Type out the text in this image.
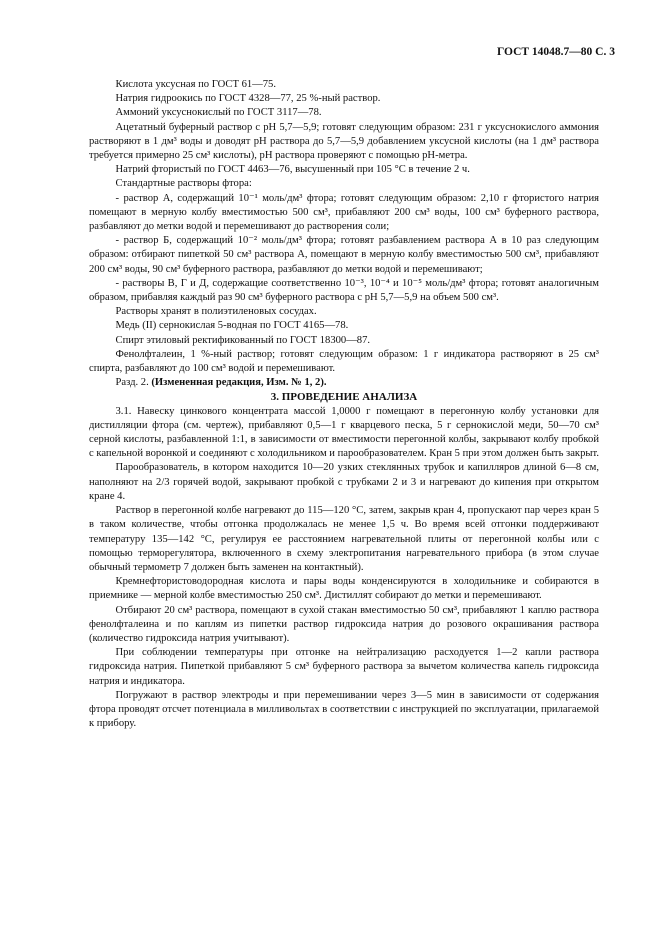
ГОСТ 14048.7—80 С. 3

Кислота уксусная по ГОСТ 61—75.

Натрия гидроокись по ГОСТ 4328—77, 25 %-ный раствор.

Аммоний уксуснокислый по ГОСТ 3117—78.

Ацетатный буферный раствор с рН 5,7—5,9; готовят следующим образом: 231 г уксуснокислого аммония растворяют в 1 дм³ воды и доводят рН раствора до 5,7—5,9 добавлением уксусной кислоты (на 1 дм³ раствора требуется примерно 25 см³ кислоты), рН раствора проверяют с помощью рН-метра.

Натрий фтористый по ГОСТ 4463—76, высушенный при 105 °С в течение 2 ч.

Стандартные растворы фтора:

- раствор А, содержащий 10⁻¹ моль/дм³ фтора; готовят следующим образом: 2,10 г фтористого натрия помещают в мерную колбу вместимостью 500 см³, прибавляют 200 см³ воды, 100 см³ буферного раствора, разбавляют до метки водой и перемешивают до растворения соли;

- раствор Б, содержащий 10⁻² моль/дм³ фтора; готовят разбавлением раствора А в 10 раз следующим образом: отбирают пипеткой 50 см³ раствора А, помещают в мерную колбу вместимостью 500 см³, прибавляют 200 см³ воды, 90 см³ буферного раствора, разбавляют до метки водой и перемешивают;

- растворы В, Г и Д, содержащие соответственно 10⁻³, 10⁻⁴ и 10⁻⁵ моль/дм³ фтора; готовят аналогичным образом, прибавляя каждый раз 90 см³ буферного раствора с рН 5,7—5,9 на объем 500 см³.

Растворы хранят в полиэтиленовых сосудах.

Медь (II) сернокислая 5-водная по ГОСТ 4165—78.

Спирт этиловый ректификованный по ГОСТ 18300—87.

Фенолфталеин, 1 %-ный раствор; готовят следующим образом: 1 г индикатора растворяют в 25 см³ спирта, разбавляют до 100 см³ водой и перемешивают.

Разд. 2. (Измененная редакция, Изм. № 1, 2).

3. ПРОВЕДЕНИЕ АНАЛИЗА

3.1. Навеску цинкового концентрата массой 1,0000 г помещают в перегонную колбу установки для дистилляции фтора (см. чертеж), прибавляют 0,5—1 г кварцевого песка, 5 г сернокислой меди, 50—70 см³ серной кислоты, разбавленной 1:1, в зависимости от вместимости перегонной колбы, закрывают колбу пробкой с капельной воронкой и соединяют с холодильником и парообразователем. Кран 5 при этом должен быть закрыт.

Парообразователь, в котором находится 10—20 узких стеклянных трубок и капилляров длиной 6—8 см, наполняют на 2/3 горячей водой, закрывают пробкой с трубками 2 и 3 и нагревают до кипения при открытом кране 4.

Раствор в перегонной колбе нагревают до 115—120 °С, затем, закрыв кран 4, пропускают пар через кран 5 в таком количестве, чтобы отгонка продолжалась не менее 1,5 ч. Во время всей отгонки поддерживают температуру 135—142 °С, регулируя ее расстоянием нагревательной плиты от перегонной колбы или с помощью терморегулятора, включенного в схему электропитания нагревательного прибора (в этом случае обычный термометр 7 должен быть заменен на контактный).

Кремнефтористоводородная кислота и пары воды конденсируются в холодильнике и собираются в приемнике — мерной колбе вместимостью 250 см³. Дистиллят собирают до метки и перемешивают.

Отбирают 20 см³ раствора, помещают в сухой стакан вместимостью 50 см³, прибавляют 1 каплю раствора фенолфталеина и по каплям из пипетки раствор гидроксида натрия до розового окрашивания раствора (количество гидроксида натрия учитывают).

При соблюдении температуры при отгонке на нейтрализацию расходуется 1—2 капли раствора гидроксида натрия. Пипеткой прибавляют 5 см³ буферного раствора за вычетом количества капель гидроксида натрия и индикатора.

Погружают в раствор электроды и при перемешивании через 3—5 мин в зависимости от содержания фтора проводят отсчет потенциала в милливольтах в соответствии с инструкцией по эксплуатации, прилагаемой к прибору.
